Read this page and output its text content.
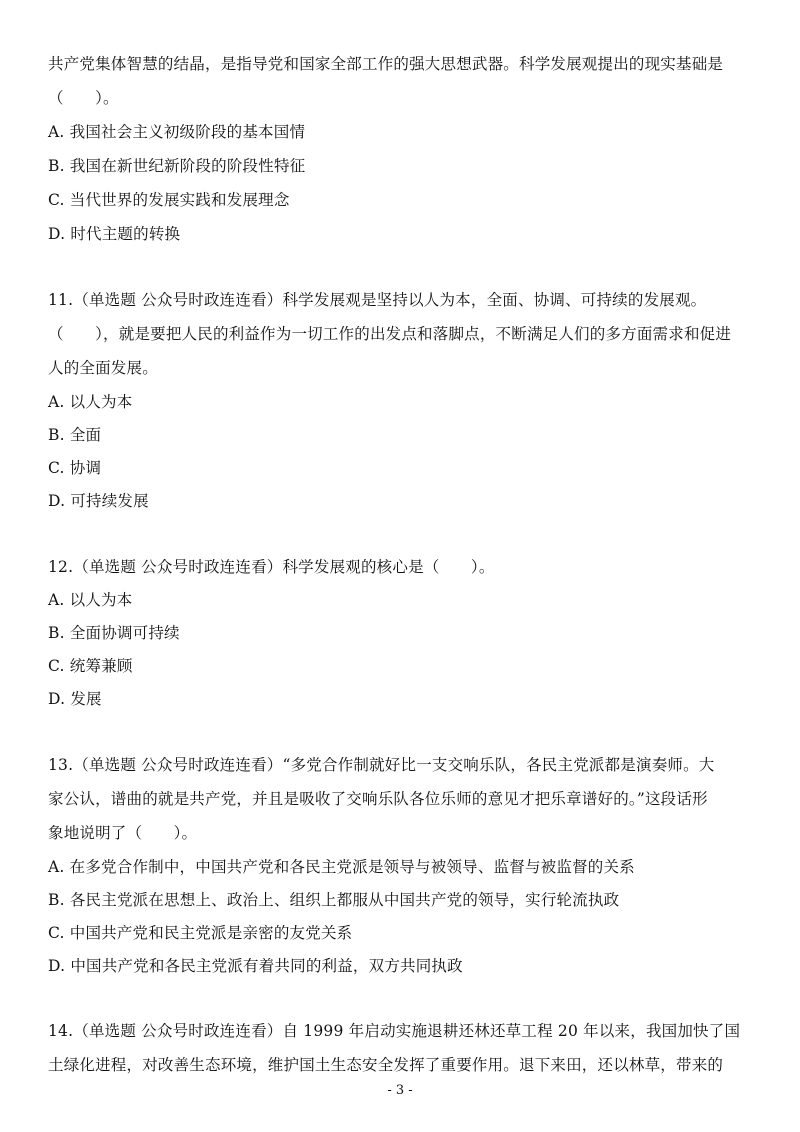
共产党集体智慧的结晶，是指导党和国家全部工作的强大思想武器。科学发展观提出的现实基础是
（　　）。
A. 我国社会主义初级阶段的基本国情
B. 我国在新世纪新阶段的阶段性特征
C. 当代世界的发展实践和发展理念
D. 时代主题的转换
11.（单选题 公众号时政连连看）科学发展观是坚持以人为本，全面、协调、可持续的发展观。
（　　），就是要把人民的利益作为一切工作的出发点和落脚点，不断满足人们的多方面需求和促进
人的全面发展。
A. 以人为本
B. 全面
C. 协调
D. 可持续发展
12.（单选题 公众号时政连连看）科学发展观的核心是（　　）。
A. 以人为本
B. 全面协调可持续
C. 统筹兼顾
D. 发展
13.（单选题 公众号时政连连看）“多党合作制就好比一支交响乐队，各民主党派都是演奏师。大
家公认，谱曲的就是共产党，并且是吸收了交响乐队各位乐师的意见才把乐章谱好的。”这段话形
象地说明了（　　）。
A. 在多党合作制中，中国共产党和各民主党派是领导与被领导、监督与被监督的关系
B. 各民主党派在思想上、政治上、组织上都服从中国共产党的领导，实行轮流执政
C. 中国共产党和民主党派是亲密的友党关系
D. 中国共产党和各民主党派有着共同的利益，双方共同执政
14.（单选题 公众号时政连连看）自 1999 年启动实施退耕还林还草工程 20 年以来，我国加快了国
土绿化进程，对改善生态环境，维护国土生态安全发挥了重要作用。退下来田，还以林草，带来的
- 3 -
